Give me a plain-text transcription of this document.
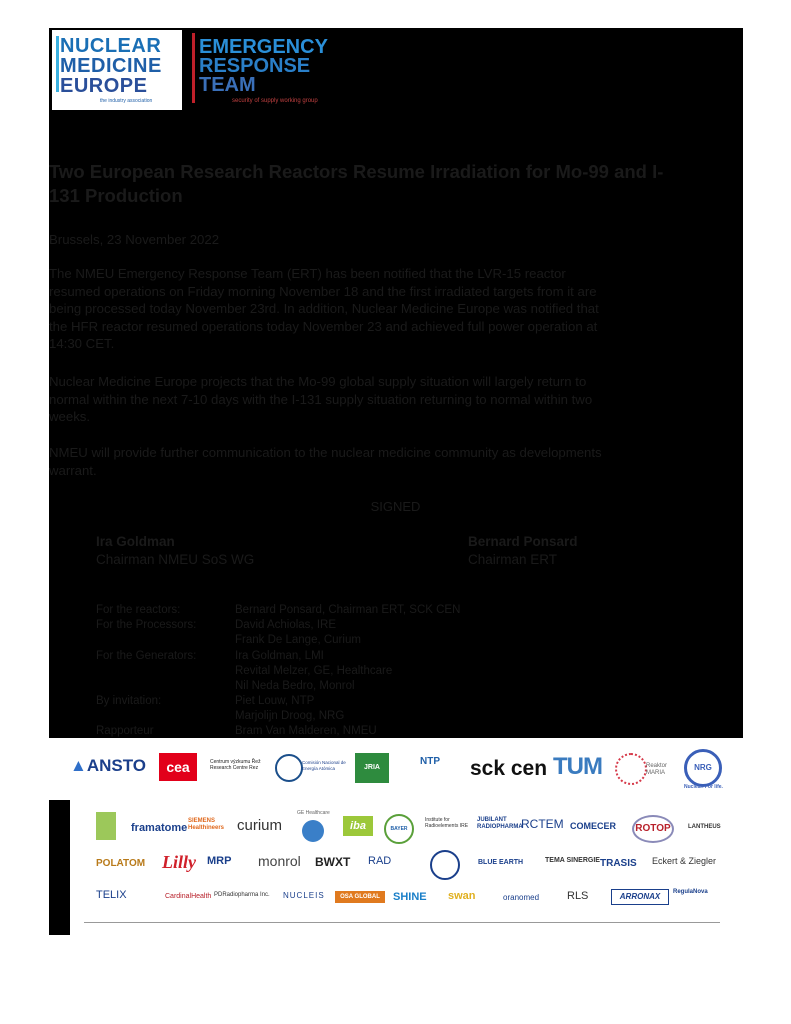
NUCLEAR
MEDICINE
EUROPE
the industry association
EMERGENCY
RESPONSE
TEAM
security of supply working group
Two European Research Reactors Resume Irradiation for Mo-99 and I-
131 Production
Brussels, 23 November 2022
The NMEU Emergency Response Team (ERT) has been notified that the LVR-15 reactor
resumed operations on Friday morning November 18 and the first irradiated targets from it are
being processed today November 23rd. In addition, Nuclear Medicine Europe was notified that
the HFR reactor resumed operations today November 23 and achieved full power operation at
14:30 CET.
Nuclear Medicine Europe projects that the Mo-99 global supply situation will largely return to
normal within the next 7-10 days with the I-131 supply situation returning to normal within two
weeks.
NMEU will provide further communication to the nuclear medicine community as developments
warrant.
SIGNED
Ira Goldman
Chairman NMEU SoS WG
Bernard Ponsard
Chairman ERT
For the reactors:	Bernard Ponsard, Chairman ERT, SCK CEN
For the Processors:	David Achiolas, IRE
Frank De Lange, Curium
For the Generators:	Ira Goldman, LMI
Revital Melzer, GE, Healthcare
Nil Neda Bedro, Monrol
By invitation:	Piet Louw, NTP
Marjolijn Droog, NRG
Rapporteur	Bram Van Malderen, NMEU
▲ANSTO	cea	Centrum výzkumu Řež
Research Centre Rez
Comisión Nacional de Energía Atómica	JRIA
NTP sck cen TUM	Reaktor MARIA
NRG
Nuclear. For life.
framatome
SIEMENS Healthineers curium
GE Healthcare
iba	BAYER
Institute for Radioelements IRE
JUBILANT RADIOPHARMA
RCTEM COMECER	ROTOP	LANTHEUS
POLATOM Lilly MRP monrol BWXT RAD	BLUE EARTH	TEMA SINERGIE TRASIS Eckert & Ziegler
TELIX	CardinalHealth PDRadiopharma Inc. NUCLEIS	OSA GLOBAL	SHINE swan	oranomed	RLS	ARRONAX	RegulaNova
